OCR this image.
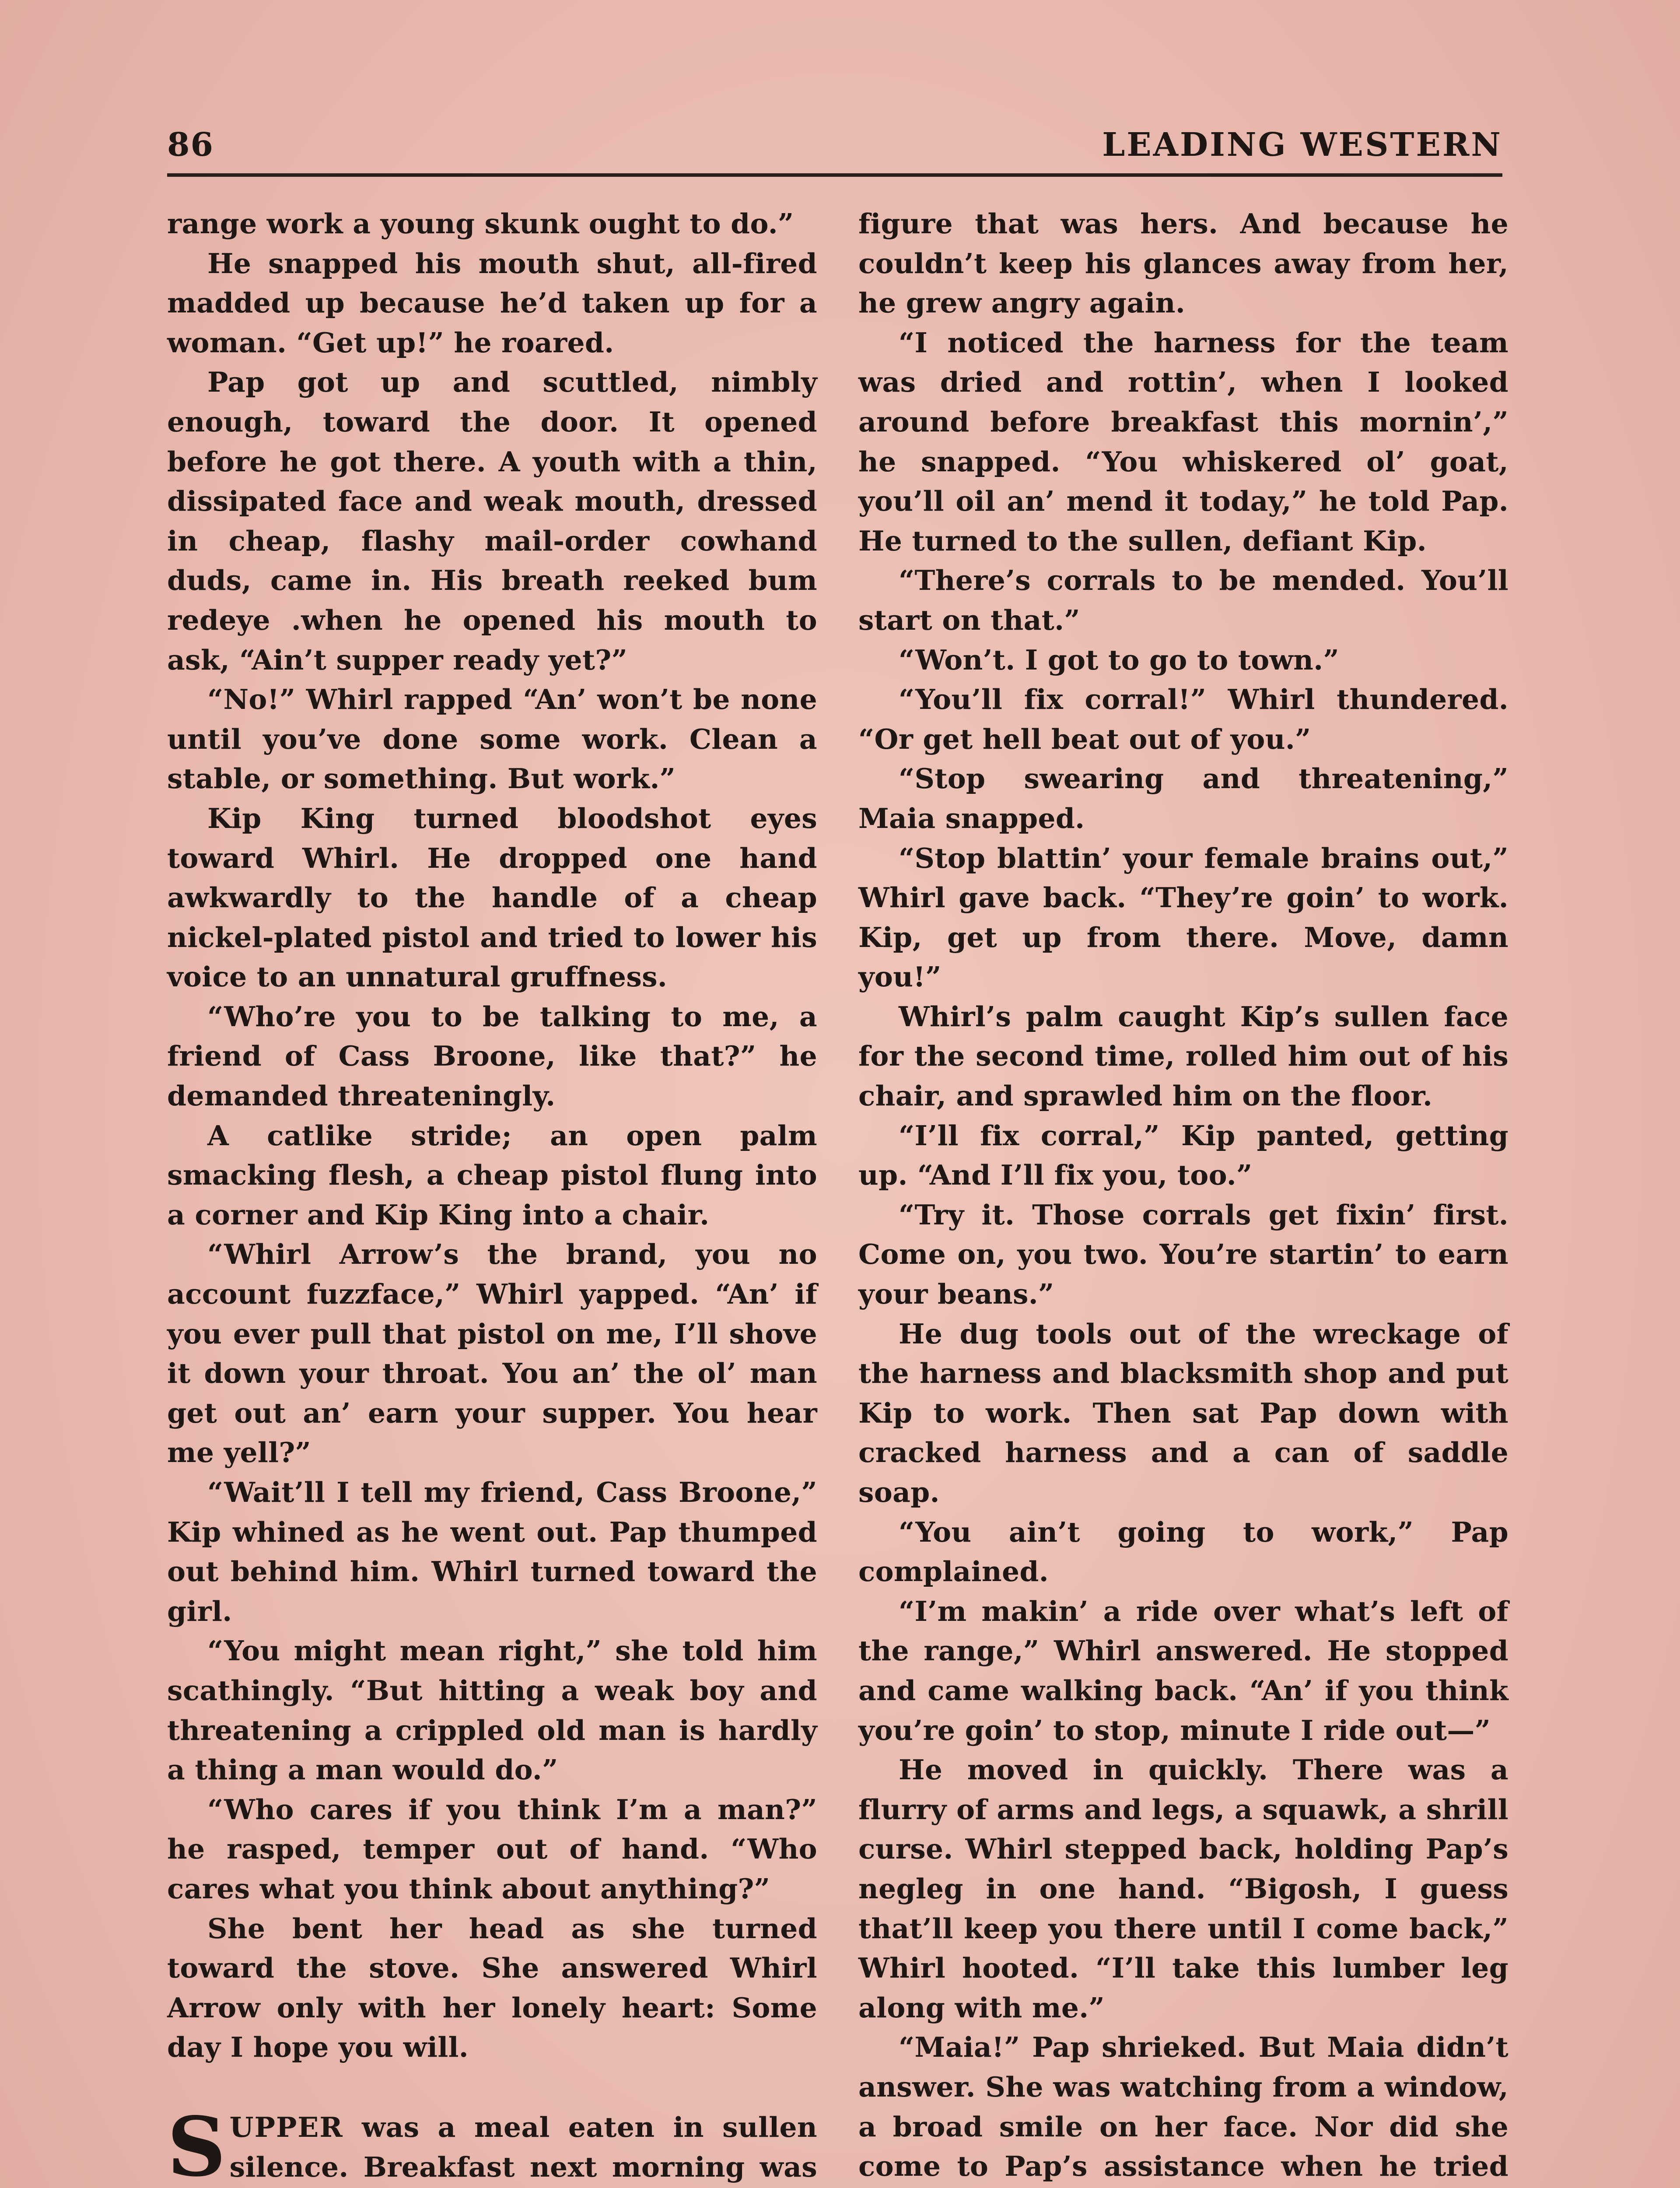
86	LEADING WESTERN

range work a young skunk ought to do.”

He snapped his mouth shut, all-fired madded up because he’d taken up for a woman. “Get up!” he roared.

Pap got up and scuttled, nimbly enough, toward the door. It opened before he got there. A youth with a thin, dissipated face and weak mouth, dressed in cheap, flashy mail-order cowhand duds, came in. His breath reeked bum redeye .when he opened his mouth to ask, “Ain’t supper ready yet?”

“No!” Whirl rapped “An’ won’t be none until you’ve done some work. Clean a stable, or something. But work.”

Kip King turned bloodshot eyes toward Whirl. He dropped one hand awkwardly to the handle of a cheap nickel-plated pistol and tried to lower his voice to an unnatural gruffness.

“Who’re you to be talking to me, a friend of Cass Broone, like that?” he demanded threateningly.

A catlike stride; an open palm smacking flesh, a cheap pistol flung into a corner and Kip King into a chair.

“Whirl Arrow’s the brand, you no account fuzzface,” Whirl yapped. “An’ if you ever pull that pistol on me, I’ll shove it down your throat. You an’ the ol’ man get out an’ earn your supper. You hear me yell?”

“Wait’ll I tell my friend, Cass Broone,” Kip whined as he went out. Pap thumped out behind him. Whirl turned toward the girl.

“You might mean right,” she told him scathingly. “But hitting a weak boy and threatening a crippled old man is hardly a thing a man would do.”

“Who cares if you think I’m a man?” he rasped, temper out of hand. “Who cares what you think about anything?”

She bent her head as she turned toward the stove. She answered Whirl Arrow only with her lonely heart: Some day I hope you will.

SUPPER was a meal eaten in sullen silence. Breakfast next morning was

figure that was hers. And because he couldn’t keep his glances away from her, he grew angry again.

“I noticed the harness for the team was dried and rottin’, when I looked around before breakfast this mornin’,” he snapped. “You whiskered ol’ goat, you’ll oil an’ mend it today,” he told Pap. He turned to the sullen, defiant Kip.

“There’s corrals to be mended. You’ll start on that.”

“Won’t. I got to go to town.”

“You’ll fix corral!” Whirl thundered. “Or get hell beat out of you.”

“Stop swearing and threatening,” Maia snapped.

“Stop blattin’ your female brains out,” Whirl gave back. “They’re goin’ to work. Kip, get up from there. Move, damn you!”

Whirl’s palm caught Kip’s sullen face for the second time, rolled him out of his chair, and sprawled him on the floor.

“I’ll fix corral,” Kip panted, getting up. “And I’ll fix you, too.”

“Try it. Those corrals get fixin’ first. Come on, you two. You’re startin’ to earn your beans.”

He dug tools out of the wreckage of the harness and blacksmith shop and put Kip to work. Then sat Pap down with cracked harness and a can of saddle soap.

“You ain’t going to work,” Pap complained.

“I’m makin’ a ride over what’s left of the range,” Whirl answered. He stopped and came walking back. “An’ if you think you’re goin’ to stop, minute I ride out—”

He moved in quickly. There was a flurry of arms and legs, a squawk, a shrill curse. Whirl stepped back, holding Pap’s negleg in one hand. “Bigosh, I guess that’ll keep you there until I come back,” Whirl hooted. “I’ll take this lumber leg along with me.”

“Maia!” Pap shrieked. But Maia didn’t answer. She was watching from a window, a broad smile on her face. Nor did she come to Pap’s assistance when he tried
